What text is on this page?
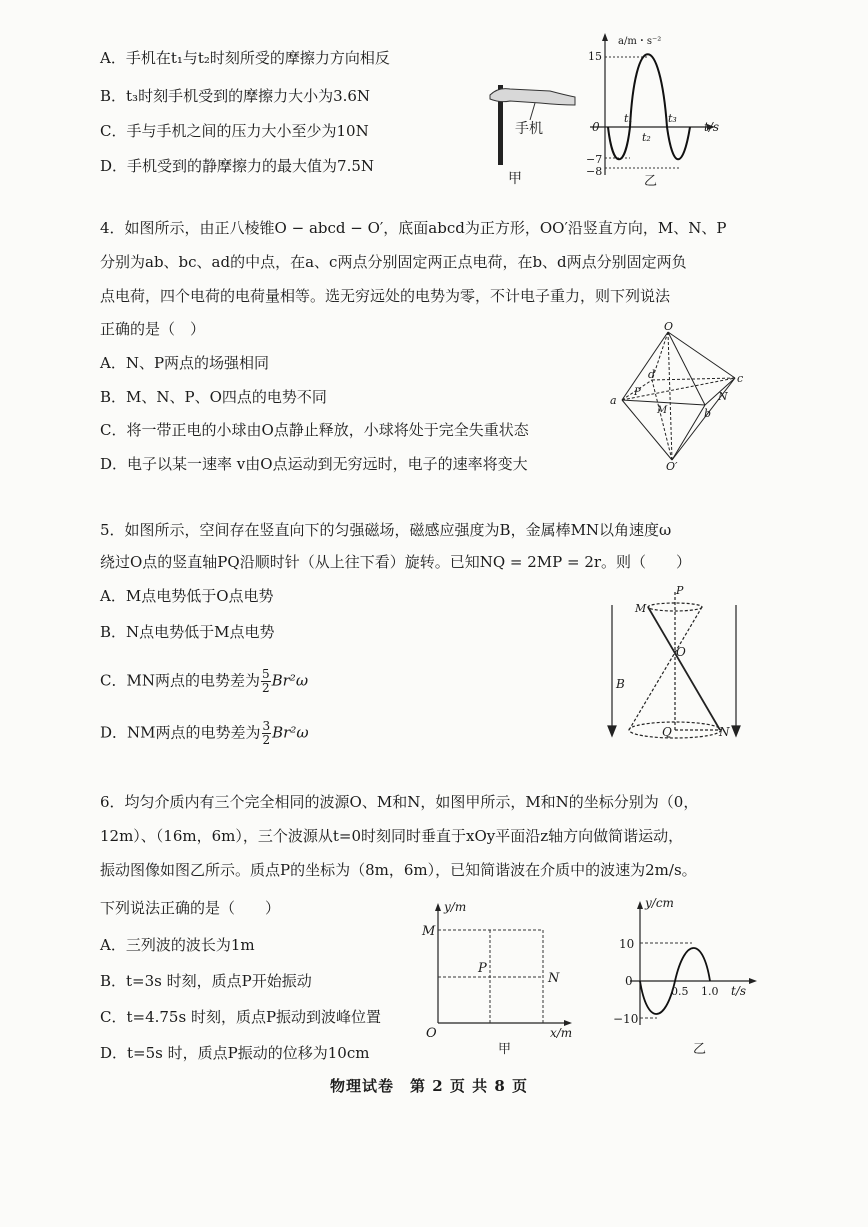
A．手机在t₁与t₂时刻所受的摩擦力方向相反
B．t₃时刻手机受到的摩擦力大小为3.6N
C．手与手机之间的压力大小至少为10N
D．手机受到的静摩擦力的最大值为7.5N
手机
甲
a/m・s⁻²
t/s
15
0
−7
−8
t₁
t₂
t₃
乙
4．如图所示，由正八棱锥O − abcd − O′，底面abcd为正方形，OO′沿竖直方向，M、N、P
分别为ab、bc、ad的中点，在a、c两点分别固定两正点电荷，在b、d两点分别固定两负
点电荷，四个电荷的电荷量相等。选无穷远处的电势为零，不计电子重力，则下列说法
正确的是（　）
A．N、P两点的场强相同
B．M、N、P、O四点的电势不同
C．将一带正电的小球由O点静止释放，小球将处于完全失重状态
D．电子以某一速率 v由O点运动到无穷远时，电子的速率将变大
O
a
b
c
d
M
N
P
O′
5．如图所示，空间存在竖直向下的匀强磁场，磁感应强度为B，金属棒MN以角速度ω
绕过O点的竖直轴PQ沿顺时针（从上往下看）旋转。已知NQ = 2MP = 2r。则（　　）
A．M点电势低于O点电势
B．N点电势低于M点电势
C．MN两点的电势差为 $\frac{5}{2} Br^2\omega$
D．NM两点的电势差为 $\frac{3}{2} Br^2\omega$
P
M
O
B
Q	N
6．均匀介质内有三个完全相同的波源O、M和N，如图甲所示，M和N的坐标分别为（0，
12m）、（16m，6m），三个波源从t=0时刻同时垂直于xOy平面沿z轴方向做简谐运动，
振动图像如图乙所示。质点P的坐标为（8m，6m），已知简谐波在介质中的波速为2m/s。
下列说法正确的是（　　）
A．三列波的波长为1m
B．t=3s 时刻，质点P开始振动
C．t=4.75s 时刻，质点P振动到波峰位置
D．t=5s 时，质点P振动的位移为10cm
y/m
x/m
M
P
N
O
甲
y/cm
t/s
10
0
−10
0.5 1.0
乙
物理试卷　第 2 页 共 8 页
